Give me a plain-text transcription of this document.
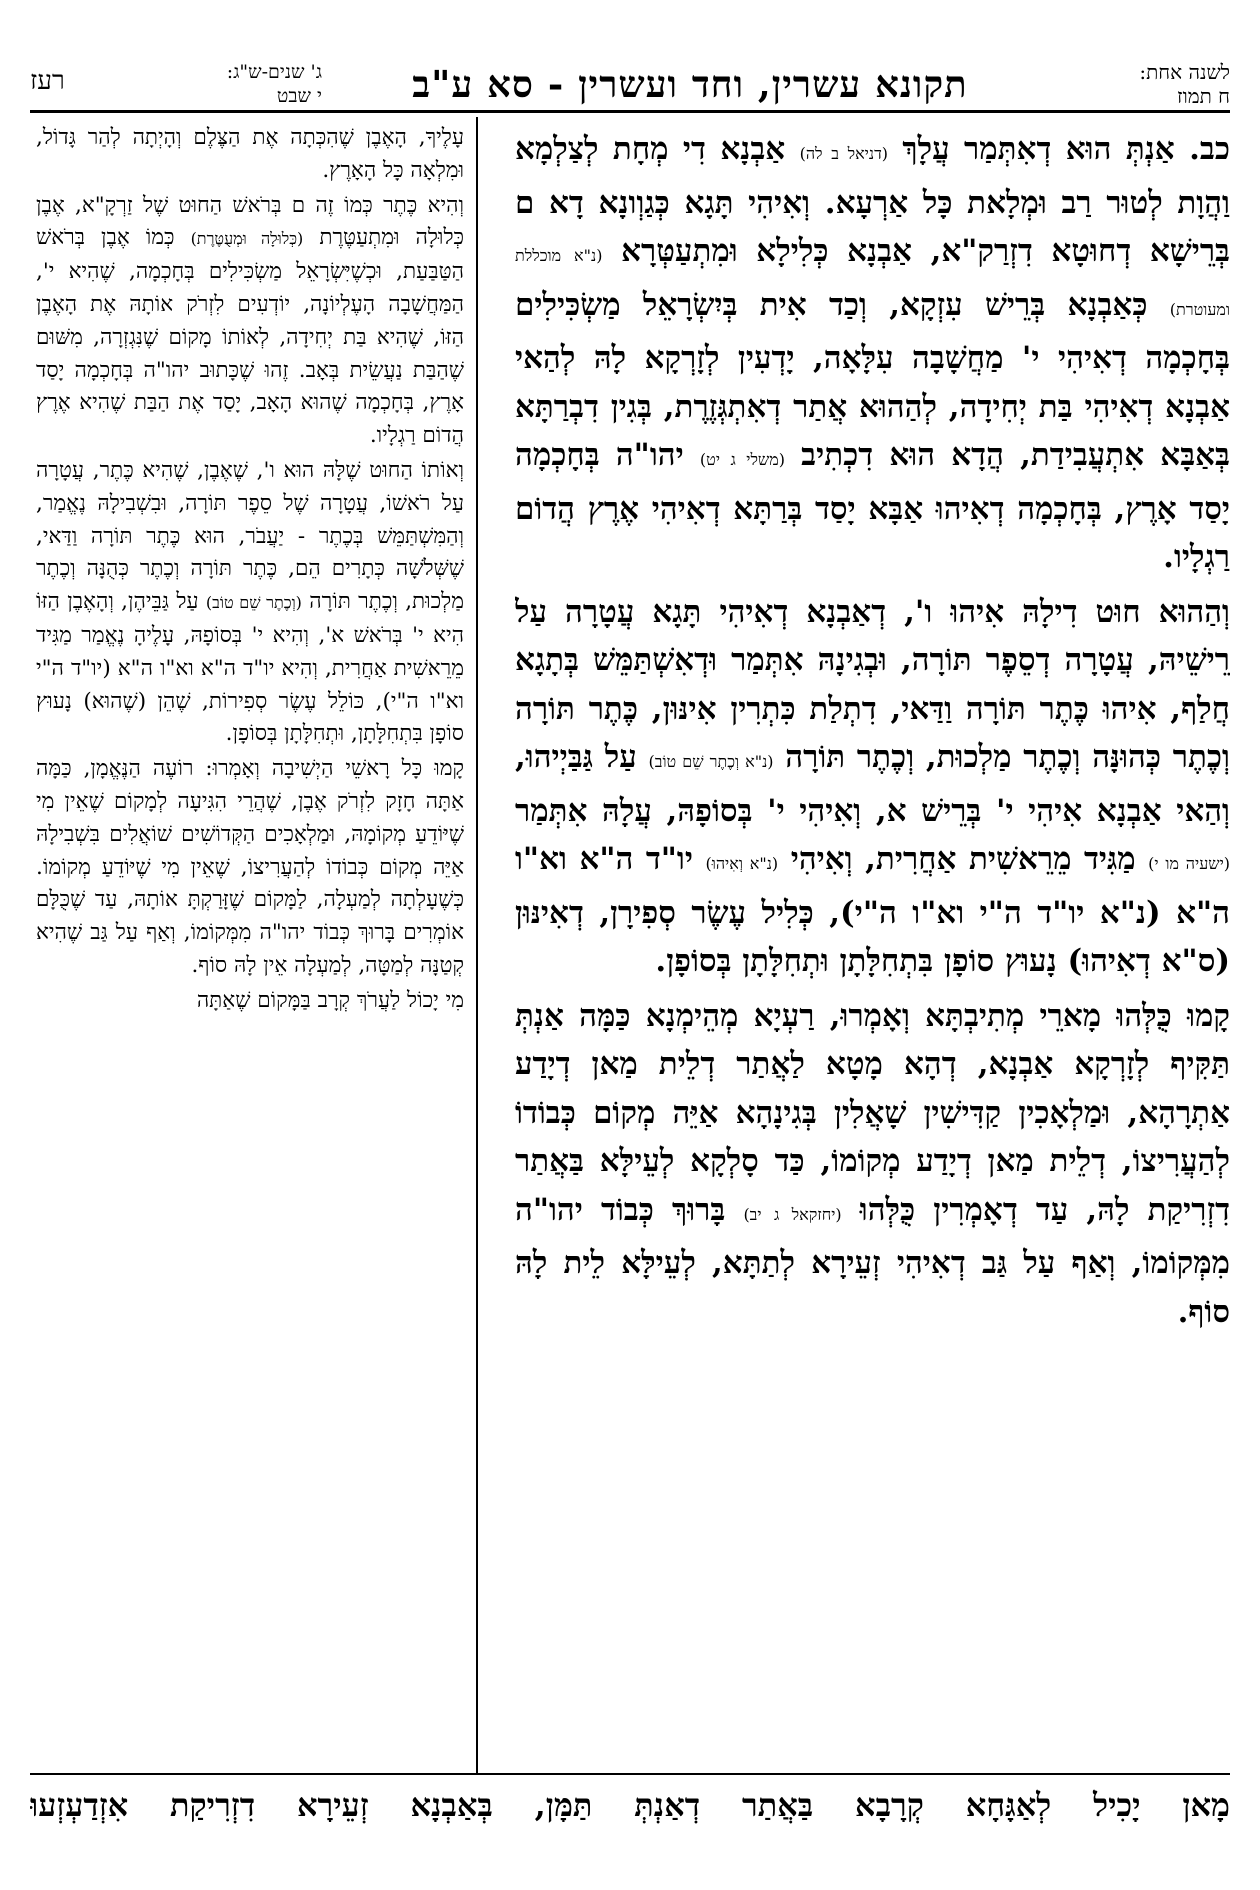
לשנה אחת:
ח תמוז
תקונא עשרין, וחד ועשרין - סא ע"ב
ג' שנים-ש"ג:
י שבט
רעז

כב. אַנְתְּ הוּא דְאִתְּמַר עֲלָךְ (דניאל ב לה) אַבְנָא דִי מְחָת לְצַלְמָא וַהֲוָת לְטוּר רַב וּמְלָאת כָּל אַרְעָא. וְאִיהִי תָּגָא כְּגַוְונָא דָא ם בְּרֵישָׁא דְחוּטָא דִזְרַק"א, אַבְנָא כְּלִילָא וּמִתְעַטְּרָא (נ"א מוכללת ומעוטרת) כְּאַבְנָא בְּרֵישׁ עִזְקָא, וְכַד אִית בְּיִשְׂרָאֵל מַשְׂכִּילִים בְּחָכְמָה דְאִיהִי י' מַחֲשָׁבָה עִלָּאָה, יָדְעִין לְזָרְקָא לָהּ לְהַאי אַבְנָא דְאִיהִי בַּת יְחִידָה, לְהַהוּא אֲתַר דְאִתְגְּזֶרֶת, בְּגִין דִבְרַתָּא בְּאַבָּא אִתְעֲבִידַת, הֲדָא הוּא דִכְתִיב (משלי ג יט) יהו"ה בְּחָכְמָה יָסַד אָרֶץ, בְּחָכְמָה דְאִיהוּ אַבָּא יָסַד בְּרַתָּא דְאִיהִי אֶרֶץ הֲדוֹם רַגְלָיו.

וְהַהוּא חוּט דִילָהּ אִיהוּ ו', דְאַבְנָא דְאִיהִי תָּגָא עֲטָרָה עַל רֵישֵׁיהּ, עֲטָרָה דְסֵפֶר תּוֹרָה, וּבְגִינָהּ אִתְּמַר וּדְאִשְׁתַּמֵּשׁ בְּתָגָא חֲלַף, אִיהוּ כֶּתֶר תּוֹרָה וַדַּאי, דִתְלַת כִּתְרִין אִינּוּן, כֶּתֶר תּוֹרָה וְכֶתֶר כְּהוּנָּה וְכֶתֶר מַלְכוּת, וְכֶתֶר תּוֹרָה (נ"א וְכֶתֶר שֵׁם טוֹב) עַל גַּבַּיְיהוּ, וְהַאי אַבְנָא אִיהִי י' בְּרֵישׁ א, וְאִיהִי י' בְּסוֹפָהּ, עֲלָהּ אִתְּמַר (ישעיה מו י) מַגִּיד מֵרֵאשִׁית אַחֲרִית, וְאִיהִי (נ"א וְאִיהוּ) יו"ד ה"א וא"ו ה"א (נ"א יו"ד ה"י וא"ו ה"י), כְּלִיל עֶשֶׂר סְפִירָן, דְאִינּוּן (ס"א דְאִיהוּ) נָעוּץ סוֹפָן בִּתְחִלָּתָן וּתְחִלָּתָן בְּסוֹפָן.

קָמוּ כֻּלְּהוּ מָארֵי מְתִיבְתָּא וְאָמְרוּ, רַעְיָא מְהֵימְנָא כַּמָּה אַנְתְּ תַּקִּיף לְזָרְקָא אַבְנָא, דְהָא מָטָא לַאֲתַר דְלֵית מַאן דְיָדַע אַתְרָהָא, וּמַלְאָכִין קַדִּישִׁין שָׁאֲלִין בְּגִינָהָא אַיֵּה מְקוֹם כְּבוֹדוֹ לְהַעֲרִיצוֹ, דְלֵית מַאן דְיָדַע מְקוֹמוֹ, כַּד סָלְקָא לְעֵילָּא בַּאֲתַר דִזְרִיקַת לָהּ, עַד דְאָמְרִין כֻּלְּהוּ (יחזקאל ג יב) בָּרוּךְ כְּבוֹד יהו"ה מִמְּקוֹמוֹ, וְאַף עַל גַּב דְאִיהִי זְעֵירָא לְתַתָּא, לְעֵילָּא לֵית לָהּ סוֹף.

עָלֶיךָ, הָאֶבֶן שֶׁהִכְּתָה אֶת הַצֶּלֶם וְהָיְתָה לְהַר גָּדוֹל, וּמִלְאָה כָּל הָאָרֶץ.

וְהִיא כֶּתֶר כְּמוֹ זֶה ם בְּרֹאשׁ הַחוּט שֶׁל זַרְקָ"א, אֶבֶן כְּלוּלָה וּמִתְעַטֶּרֶת (כְּלוּלָה וּמְעֻטֶּרֶת) כְּמוֹ אֶבֶן בְּרֹאשׁ הַטַּבַּעַת, וּכְשֶׁיִּשְׂרָאֵל מַשְׂכִּילִים בְּחָכְמָה, שֶׁהִיא י', הַמַּחֲשָׁבָה הָעֶלְיוֹנָה, יוֹדְעִים לִזְרֹק אוֹתָהּ אֶת הָאֶבֶן הַזּוֹ, שֶׁהִיא בַּת יְחִידָה, לְאוֹתוֹ מָקוֹם שֶׁנִּגְזְרָה, מִשּׁוּם שֶׁהַבַּת נַעֲשֵׂית בְּאָב. זֶהוּ שֶׁכָּתוּב יהו"ה בְּחָכְמָה יָסַד אָרֶץ, בְּחָכְמָה שֶׁהוּא הָאָב, יָסַד אֶת הַבַּת שֶׁהִיא אֶרֶץ הֲדוֹם רַגְלָיו.

וְאוֹתוֹ הַחוּט שֶׁלָּהּ הוּא ו', שֶׁאֶבֶן, שֶׁהִיא כֶּתֶר, עֲטָרָה עַל רֹאשׁוֹ, עֲטָרָה שֶׁל סֵפֶר תּוֹרָה, וּבִשְׁבִילָהּ נֶאֱמַר, וְהַמִּשְׁתַּמֵּשׁ בְּכֶתֶר - יַעֲבֹר, הוּא כֶּתֶר תּוֹרָה וַדַּאי, שֶׁשְּׁלֹשָׁה כְּתָרִים הֵם, כֶּתֶר תּוֹרָה וְכֶתֶר כְּהֻנָּה וְכֶתֶר מַלְכוּת, וְכֶתֶר תּוֹרָה (וְכֶתֶר שֵׁם טוֹב) עַל גַּבֵּיהֶן, וְהָאֶבֶן הַזּוֹ הִיא י' בְּרֹאשׁ א', וְהִיא י' בְּסוֹפָהּ, עָלֶיהָ נֶאֱמַר מַגִּיד מֵרֵאשִׁית אַחֲרִית, וְהִיא יו"ד ה"א וא"ו ה"א (יו"ד ה"י וא"ו ה"י), כּוֹלֵל עֶשֶׂר סְפִירוֹת, שֶׁהֵן (שֶׁהוּא) נָעוּץ סוֹפָן בִּתְחִלָּתָן, וּתְחִלָּתָן בְּסוֹפָן.

קָמוּ כָּל רָאשֵׁי הַיְשִׁיבָה וְאָמְרוּ: רוֹעֶה הַנֶּאֱמָן, כַּמָּה אַתָּה חָזָק לִזְרֹק אֶבֶן, שֶׁהֲרֵי הִגִּיעָה לְמָקוֹם שֶׁאֵין מִי שֶׁיּוֹדֵעַ מְקוֹמָהּ, וּמַלְאָכִים הַקְּדוֹשִׁים שׁוֹאֲלִים בִּשְׁבִילָהּ אַיֵּה מְקוֹם כְּבוֹדוֹ לְהַעֲרִיצוֹ, שֶׁאֵין מִי שֶׁיּוֹדֵעַ מְקוֹמוֹ. כְּשֶׁעָלְתָה לְמַעְלָה, לַמָּקוֹם שֶׁזָּרַקְתָּ אוֹתָהּ, עַד שֶׁכֻּלָּם אוֹמְרִים בָּרוּךְ כְּבוֹד יהו"ה מִמְּקוֹמוֹ, וְאַף עַל גַּב שֶׁהִיא קְטַנָּה לְמַטָּה, לְמַעְלָה אֵין לָהּ סוֹף.

מִי יָכוֹל לַעֲרֹךְ קְרָב בַּמָּקוֹם שֶׁאַתָּה

מָאן יָכִיל לְאַגָּחָא קְרָבָא בַּאֲתַר דְאַנְתְּ תַּמָּן, בְּאַבְנָא זְעֵירָא דִזְרִיקַת אִזְדַעְזְעוּ
